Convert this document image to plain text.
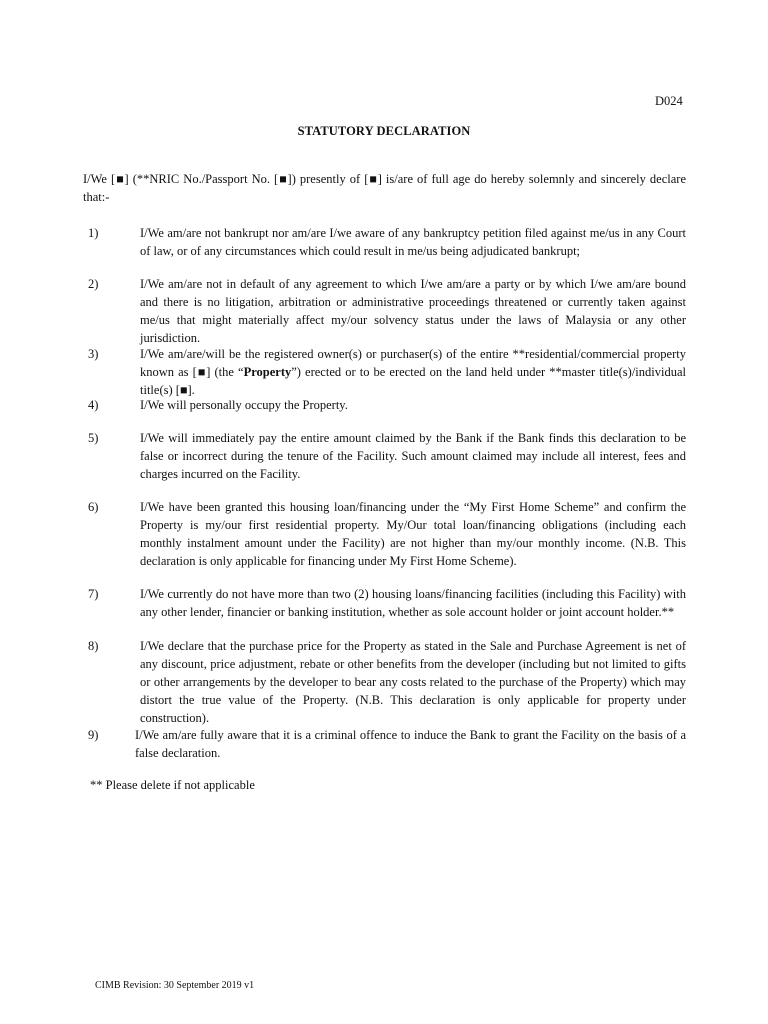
D024
STATUTORY DECLARATION
I/We [■] (**NRIC No./Passport No. [■]) presently of [■] is/are of full age do hereby solemnly and sincerely declare that:-
1)	I/We am/are not bankrupt nor am/are I/we aware of any bankruptcy petition filed against me/us in any Court of law, or of any circumstances which could result in me/us being adjudicated bankrupt;
2)	I/We am/are not in default of any agreement to which I/we am/are a party or by which I/we am/are bound and there is no litigation, arbitration or administrative proceedings threatened or currently taken against me/us that might materially affect my/our solvency status under the laws of Malaysia or any other jurisdiction.
3)	I/We am/are/will be the registered owner(s) or purchaser(s) of the entire **residential/commercial property known as [■] (the “Property”) erected or to be erected on the land held under **master title(s)/individual title(s) [■].
4)	I/We will personally occupy the Property.
5)	I/We will immediately pay the entire amount claimed by the Bank if the Bank finds this declaration to be false or incorrect during the tenure of the Facility. Such amount claimed may include all interest, fees and charges incurred on the Facility.
6)	I/We have been granted this housing loan/financing under the “My First Home Scheme” and confirm the Property is my/our first residential property. My/Our total loan/financing obligations (including each monthly instalment amount under the Facility) are not higher than my/our monthly income. (N.B. This declaration is only applicable for financing under My First Home Scheme).
7)	I/We currently do not have more than two (2) housing loans/financing facilities (including this Facility) with any other lender, financier or banking institution, whether as sole account holder or joint account holder.**
8)	I/We declare that the purchase price for the Property as stated in the Sale and Purchase Agreement is net of any discount, price adjustment, rebate or other benefits from the developer (including but not limited to gifts or other arrangements by the developer to bear any costs related to the purchase of the Property) which may distort the true value of the Property. (N.B. This declaration is only applicable for property under construction).
9)	I/We am/are fully aware that it is a criminal offence to induce the Bank to grant the Facility on the basis of a false declaration.
** Please delete if not applicable
CIMB Revision: 30 September 2019 v1
